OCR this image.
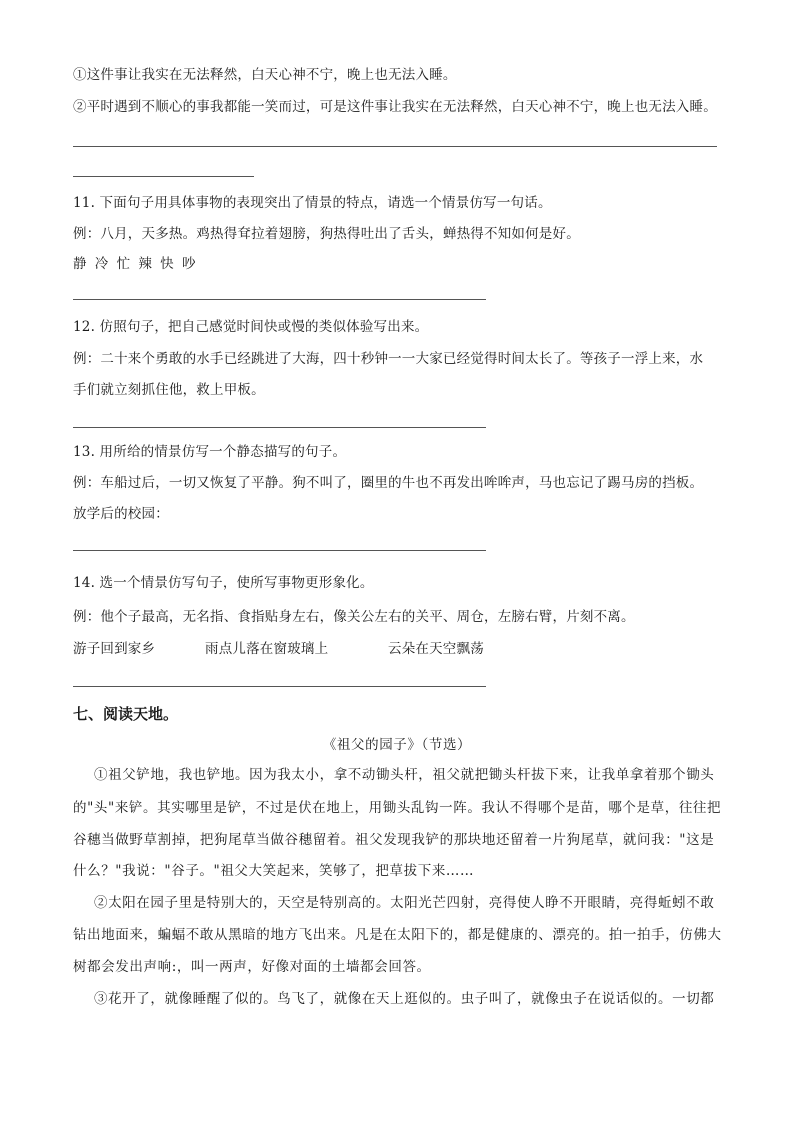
①这件事让我实在无法释然，白天心神不宁，晚上也无法入睡。
②平时遇到不顺心的事我都能一笑而过，可是这件事让我实在无法释然，白天心神不宁，晚上也无法入睡。
11. 下面句子用具体事物的表现突出了情景的特点，请选一个情景仿写一句话。
例：八月，天多热。鸡热得耷拉着翅膀，狗热得吐出了舌头，蝉热得不知如何是好。
静 冷 忙 辣 快 吵
12. 仿照句子，把自己感觉时间快或慢的类似体验写出来。
例：二十来个勇敢的水手已经跳进了大海，四十秒钟一一大家已经觉得时间太长了。等孩子一浮上来，水
手们就立刻抓住他，救上甲板。
13. 用所给的情景仿写一个静态描写的句子。
例：车船过后，一切又恢复了平静。狗不叫了，圈里的牛也不再发出哞哞声，马也忘记了踢马房的挡板。
放学后的校园：
14. 选一个情景仿写句子，使所写事物更形象化。
例：他个子最高，无名指、食指贴身左右，像关公左右的关平、周仓，左膀右臂，片刻不离。
游子回到家乡	雨点儿落在窗玻璃上	云朵在天空飘荡
七、阅读天地。
《祖父的园子》（节选）
①祖父铲地，我也铲地。因为我太小，拿不动锄头杆，祖父就把锄头杆拔下来，让我单拿着那个锄头
的"头"来铲。其实哪里是铲，不过是伏在地上，用锄头乱钩一阵。我认不得哪个是苗，哪个是草，往往把
谷穗当做野草割掉，把狗尾草当做谷穗留着。祖父发现我铲的那块地还留着一片狗尾草，就问我："这是
什么？"我说："谷子。"祖父大笑起来，笑够了，把草拔下来……
②太阳在园子里是特别大的，天空是特别高的。太阳光芒四射，亮得使人睁不开眼睛，亮得蚯蚓不敢
钻出地面来，蝙蝠不敢从黑暗的地方飞出来。凡是在太阳下的，都是健康的、漂亮的。拍一拍手，仿佛大
树都会发出声响:，叫一两声，好像对面的土墙都会回答。
③花开了，就像睡醒了似的。鸟飞了，就像在天上逛似的。虫子叫了，就像虫子在说话似的。一切都
